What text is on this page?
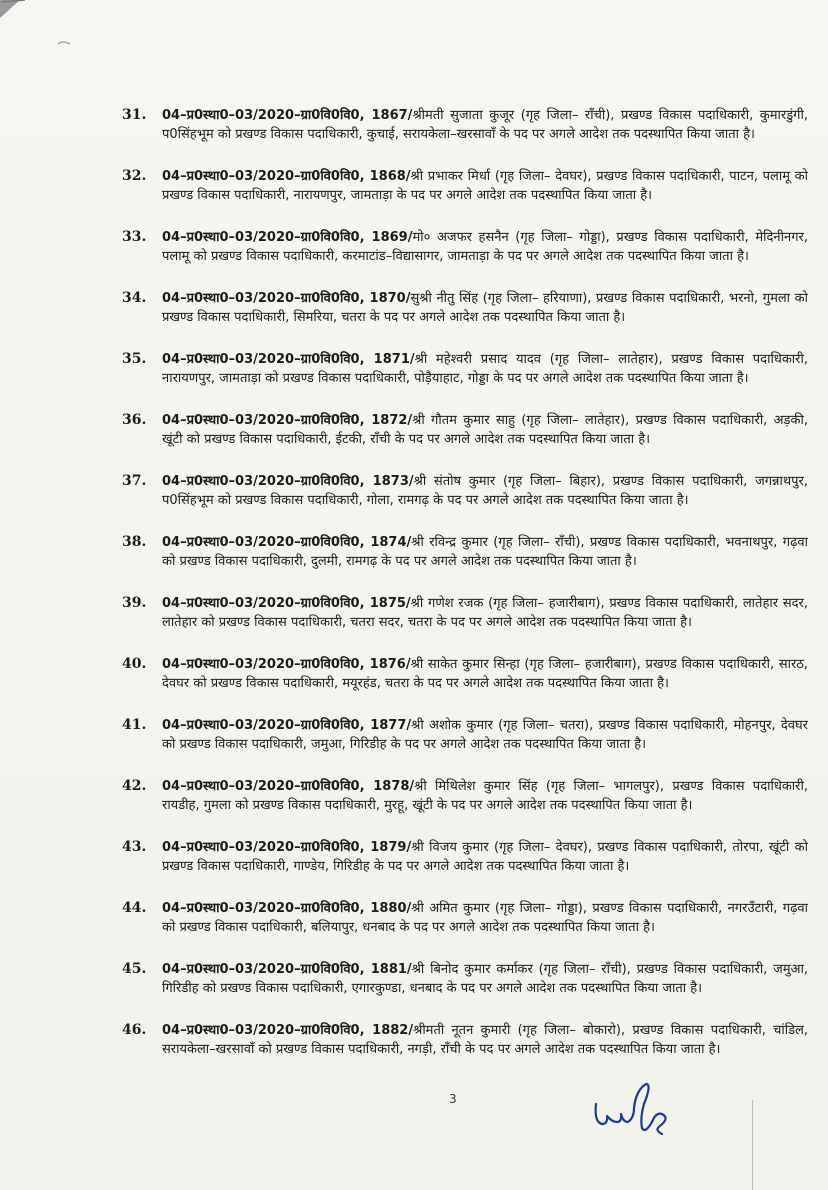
31. 04–प्र0स्था0–03/2020–ग्रा0वि0वि0, 1867/श्रीमती सुजाता कुजूर (गृह जिला– राँची), प्रखण्ड विकास पदाधिकारी, कुमारडुंगी, प0सिंहभूम को प्रखण्ड विकास पदाधिकारी, कुचाई, सरायकेला–खरसावाँ के पद पर अगले आदेश तक पदस्थापित किया जाता है।
32. 04–प्र0स्था0–03/2020–ग्रा0वि0वि0, 1868/श्री प्रभाकर मिर्धा (गृह जिला– देवघर), प्रखण्ड विकास पदाधिकारी, पाटन, पलामू को प्रखण्ड विकास पदाधिकारी, नारायणपुर, जामताड़ा के पद पर अगले आदेश तक पदस्थापित किया जाता है।
33. 04–प्र0स्था0–03/2020–ग्रा0वि0वि0, 1869/मो० अजफर हसनैन (गृह जिला– गोड्डा), प्रखण्ड विकास पदाधिकारी, मेदिनीनगर, पलामू को प्रखण्ड विकास पदाधिकारी, करमाटांड–विद्यासागर, जामताड़ा के पद पर अगले आदेश तक पदस्थापित किया जाता है।
34. 04–प्र0स्था0–03/2020–ग्रा0वि0वि0, 1870/सुश्री नीतु सिंह (गृह जिला– हरियाणा), प्रखण्ड विकास पदाधिकारी, भरनो, गुमला को प्रखण्ड विकास पदाधिकारी, सिमरिया, चतरा के पद पर अगले आदेश तक पदस्थापित किया जाता है।
35. 04–प्र0स्था0–03/2020–ग्रा0वि0वि0, 1871/श्री महेश्वरी प्रसाद यादव (गृह जिला– लातेहार), प्रखण्ड विकास पदाधिकारी, नारायणपुर, जामताड़ा को प्रखण्ड विकास पदाधिकारी, पोड़ैयाहाट, गोड्डा के पद पर अगले आदेश तक पदस्थापित किया जाता है।
36. 04–प्र0स्था0–03/2020–ग्रा0वि0वि0, 1872/श्री गौतम कुमार साहु (गृह जिला– लातेहार), प्रखण्ड विकास पदाधिकारी, अड़की, खूंटी को प्रखण्ड विकास पदाधिकारी, ईटकी, राँची के पद पर अगले आदेश तक पदस्थापित किया जाता है।
37. 04–प्र0स्था0–03/2020–ग्रा0वि0वि0, 1873/श्री संतोष कुमार (गृह जिला– बिहार), प्रखण्ड विकास पदाधिकारी, जगन्नाथपुर, प0सिंहभूम को प्रखण्ड विकास पदाधिकारी, गोला, रामगढ़ के पद पर अगले आदेश तक पदस्थापित किया जाता है।
38. 04–प्र0स्था0–03/2020–ग्रा0वि0वि0, 1874/श्री रविन्द्र कुमार (गृह जिला– राँची), प्रखण्ड विकास पदाधिकारी, भवनाथपुर, गढ़वा को प्रखण्ड विकास पदाधिकारी, दुलमी, रामगढ़ के पद पर अगले आदेश तक पदस्थापित किया जाता है।
39. 04–प्र0स्था0–03/2020–ग्रा0वि0वि0, 1875/श्री गणेश रजक (गृह जिला– हजारीबाग), प्रखण्ड विकास पदाधिकारी, लातेहार सदर, लातेहार को प्रखण्ड विकास पदाधिकारी, चतरा सदर, चतरा के पद पर अगले आदेश तक पदस्थापित किया जाता है।
40. 04–प्र0स्था0–03/2020–ग्रा0वि0वि0, 1876/श्री साकेत कुमार सिन्हा (गृह जिला– हजारीबाग), प्रखण्ड विकास पदाधिकारी, सारठ, देवघर को प्रखण्ड विकास पदाधिकारी, मयूरहंड, चतरा के पद पर अगले आदेश तक पदस्थापित किया जाता है।
41. 04–प्र0स्था0–03/2020–ग्रा0वि0वि0, 1877/श्री अशोक कुमार (गृह जिला– चतरा), प्रखण्ड विकास पदाधिकारी, मोहनपुर, देवघर को प्रखण्ड विकास पदाधिकारी, जमुआ, गिरिडीह के पद पर अगले आदेश तक पदस्थापित किया जाता है।
42. 04–प्र0स्था0–03/2020–ग्रा0वि0वि0, 1878/श्री मिथिलेश कुमार सिंह (गृह जिला– भागलपुर), प्रखण्ड विकास पदाधिकारी, रायडीह, गुमला को प्रखण्ड विकास पदाधिकारी, मुरहू, खूंटी के पद पर अगले आदेश तक पदस्थापित किया जाता है।
43. 04–प्र0स्था0–03/2020–ग्रा0वि0वि0, 1879/श्री विजय कुमार (गृह जिला– देवघर), प्रखण्ड विकास पदाधिकारी, तोरपा, खूंटी को प्रखण्ड विकास पदाधिकारी, गाण्डेय, गिरिडीह के पद पर अगले आदेश तक पदस्थापित किया जाता है।
44. 04–प्र0स्था0–03/2020–ग्रा0वि0वि0, 1880/श्री अमित कुमार (गृह जिला– गोड्डा), प्रखण्ड विकास पदाधिकारी, नगरउँटारी, गढ़वा को प्रखण्ड विकास पदाधिकारी, बलियापुर, धनबाद के पद पर अगले आदेश तक पदस्थापित किया जाता है।
45. 04–प्र0स्था0–03/2020–ग्रा0वि0वि0, 1881/श्री बिनोद कुमार कर्माकर (गृह जिला– राँची), प्रखण्ड विकास पदाधिकारी, जमुआ, गिरिडीह को प्रखण्ड विकास पदाधिकारी, एगारकुण्डा, धनबाद के पद पर अगले आदेश तक पदस्थापित किया जाता है।
46. 04–प्र0स्था0–03/2020–ग्रा0वि0वि0, 1882/श्रीमती नूतन कुमारी (गृह जिला– बोकारो), प्रखण्ड विकास पदाधिकारी, चांडिल, सरायकेला–खरसावाँ को प्रखण्ड विकास पदाधिकारी, नगड़ी, राँची के पद पर अगले आदेश तक पदस्थापित किया जाता है।
3
